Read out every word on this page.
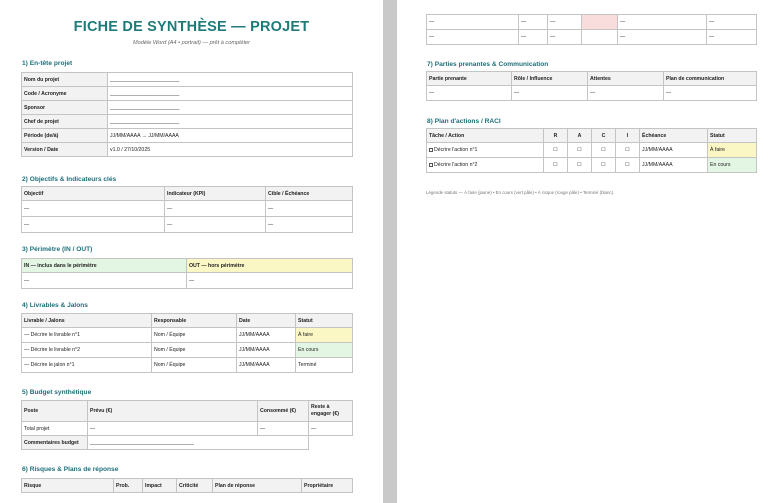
FICHE DE SYNTHÈSE — PROJET
Modèle Word (A4 • portrait) — prêt à compléter
1) En-tête projet
Nom du projet	________________________
Code / Acronyme	________________________
Sponsor	________________________
Chef de projet	________________________
Période (de/à)	JJ/MM/AAAA → JJ/MM/AAAA
Version / Date	v1.0 / 27/10/2025
2) Objectifs & Indicateurs clés
Objectif	Indicateur (KPI)	Cible / Échéance
—	—	—
—	—	—
3) Périmètre (IN / OUT)
IN — inclus dans le périmètre	OUT — hors périmètre
—	—
4) Livrables & Jalons
Livrable / Jalons	Responsable	Date	Statut
— Décrire le livrable n°1	Nom / Équipe	JJ/MM/AAAA	À faire
— Décrire le livrable n°2	Nom / Équipe	JJ/MM/AAAA	En cours
— Décrire le jalon n°1	Nom / Équipe	JJ/MM/AAAA	Terminé
5) Budget synthétique
Poste	Prévu (€)	Consommé (€)	Reste à engager (€)
Total projet	—	—	—
Commentaires budget	____________________________________		
6) Risques & Plans de réponse
Risque	Prob.	Impact	Criticité	Plan de réponse	Propriétaire
—	—	—		—	—
—	—	—		—	—
7) Parties prenantes & Communication
Partie prenante	Rôle / Influence	Attentes	Plan de communication
—	—	—	—
8) Plan d'actions / RACI
Tâche / Action	R	A	C	I	Échéance	Statut
Décrire l'action n°1	☐	☐	☐	☐	JJ/MM/AAAA	À faire
Décrire l'action n°2	☐	☐	☐	☐	JJ/MM/AAAA	En cours
Légende statuts — À faire (jaune) • En cours (vert pâle) • À risque (rouge pâle) • Terminé (blanc).
